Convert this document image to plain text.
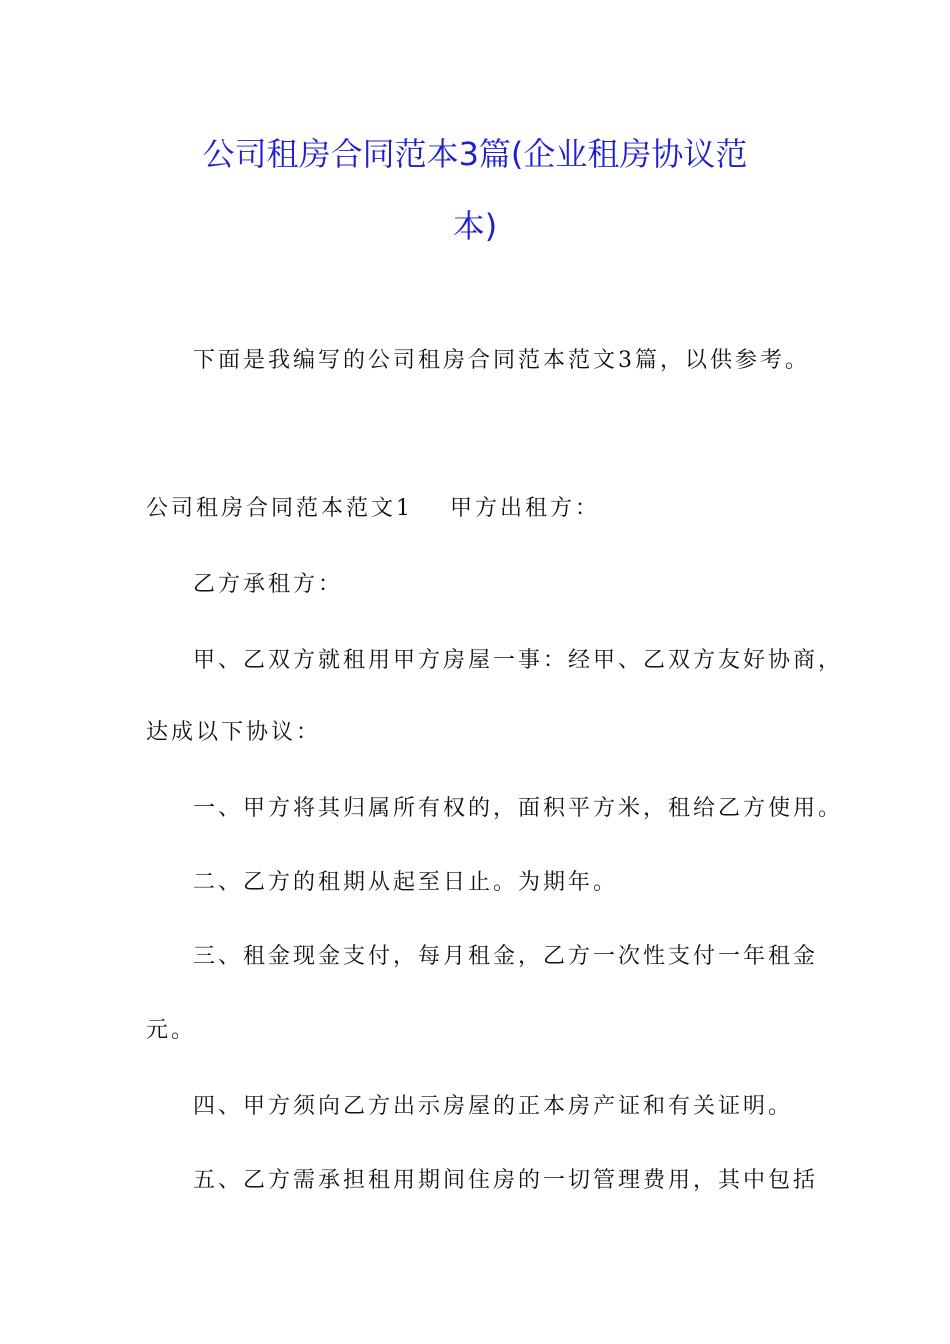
公司租房合同范本3篇(企业租房协议范
本)
下面是我编写的公司租房合同范本范文3篇，以供参考。
公司租房合同范本范文1 甲方出租方：
乙方承租方：
甲、乙双方就租用甲方房屋一事：经甲、乙双方友好协商，
达成以下协议：
一、甲方将其归属所有权的，面积平方米，租给乙方使用。
二、乙方的租期从起至日止。为期年。
三、租金现金支付，每月租金，乙方一次性支付一年租金
元。
四、甲方须向乙方出示房屋的正本房产证和有关证明。
五、乙方需承担租用期间住房的一切管理费用，其中包括
